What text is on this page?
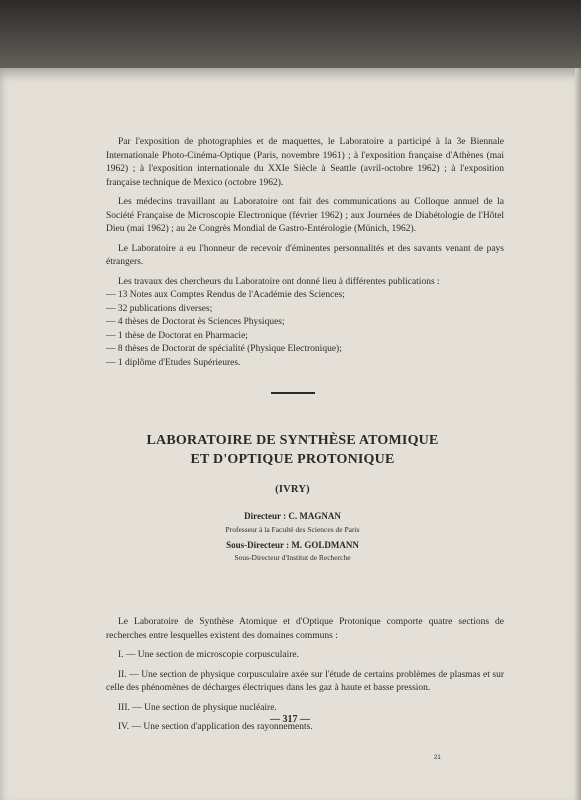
Par l'exposition de photographies et de maquettes, le Laboratoire a participé à la 3e Biennale Internationale Photo-Cinéma-Optique (Paris, novembre 1961) ; à l'exposition française d'Athènes (mai 1962) ; à l'exposition internationale du XXIe Siècle à Seattle (avril-octobre 1962) ; à l'exposition française technique de Mexico (octobre 1962).

Les médecins travaillant au Laboratoire ont fait des communications au Colloque annuel de la Société Française de Microscopie Electronique (février 1962) ; aux Journées de Diabétologie de l'Hôtel Dieu (mai 1962) ; au 2e Congrès Mondial de Gastro-Entérologie (Münich, 1962).

Le Laboratoire a eu l'honneur de recevoir d'éminentes personnalités et des savants venant de pays étrangers.

Les travaux des chercheurs du Laboratoire ont donné lieu à différentes publications :

— 13 Notes aux Comptes Rendus de l'Académie des Sciences;
— 32 publications diverses;
— 4 thèses de Doctorat ès Sciences Physiques;
— 1 thèse de Doctorat en Pharmacie;
— 8 thèses de Doctorat de spécialité (Physique Electronique);
— 1 diplôme d'Etudes Supérieures.
LABORATOIRE DE SYNTHÈSE ATOMIQUE
ET D'OPTIQUE PROTONIQUE
(IVRY)
Directeur : C. MAGNAN
Professeur à la Faculté des Sciences de Paris
Sous-Directeur : M. GOLDMANN
Sous-Directeur d'Institut de Recherche

Le Laboratoire de Synthèse Atomique et d'Optique Protonique comporte quatre sections de recherches entre lesquelles existent des domaines communs :

I. — Une section de microscopie corpusculaire.

II. — Une section de physique corpusculaire axée sur l'étude de certains problèmes de plasmas et sur celle des phénomènes de décharges électriques dans les gaz à haute et basse pression.

III. — Une section de physique nucléaire.

IV. — Une section d'application des rayonnements.

— 317 —
21
